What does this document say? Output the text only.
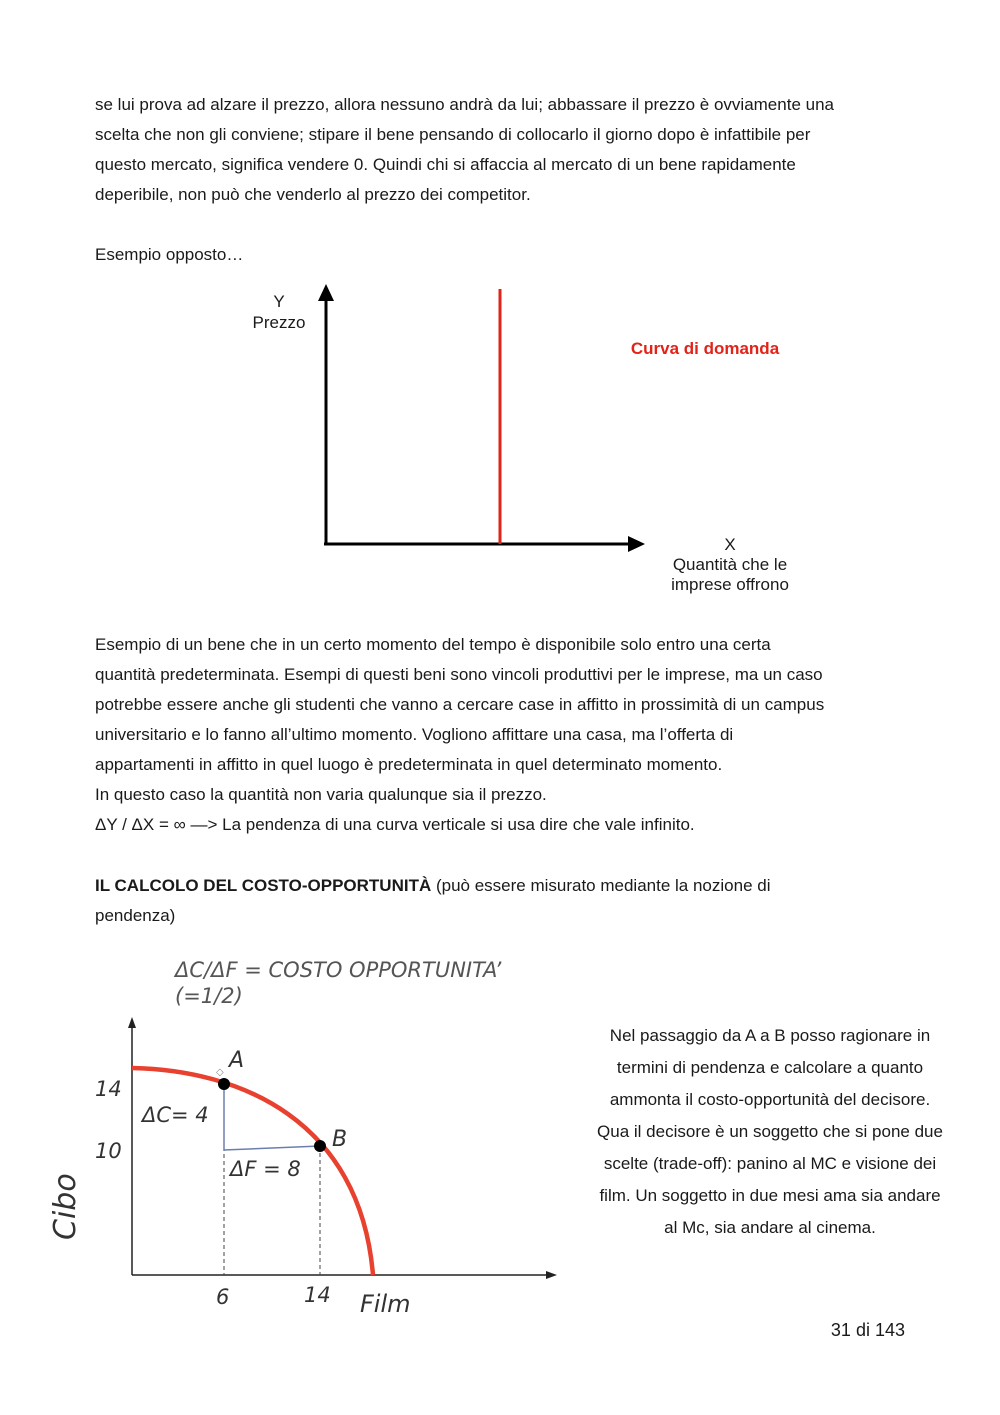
se lui prova ad alzare il prezzo, allora nessuno andrà da lui; abbassare il prezzo è ovviamente una
scelta che non gli conviene; stipare il bene pensando di collocarlo il giorno dopo è infattibile per
questo mercato, significa vendere 0. Quindi chi si affaccia al mercato di un bene rapidamente
deperibile, non può che venderlo al prezzo dei competitor.
Esempio opposto…
Y
Prezzo
Curva di domanda
X
Quantità che le
imprese offrono
Esempio di un bene che in un certo momento del tempo è disponibile solo entro una certa
quantità predeterminata. Esempi di questi beni sono vincoli produttivi per le imprese, ma un caso
potrebbe essere anche gli studenti che vanno a cercare case in affitto in prossimità di un campus
universitario e lo fanno all’ultimo momento. Vogliono affittare una casa, ma l’offerta di
appartamenti in affitto in quel luogo è predeterminata in quel determinato momento.
In questo caso la quantità non varia qualunque sia il prezzo.
ΔY / ΔX = ∞ —> La pendenza di una curva verticale si usa dire che vale infinito.
IL CALCOLO DEL COSTO-OPPORTUNITÀ (può essere misurato mediante la nozione di
pendenza)
ΔC/ΔF = COSTO OPPORTUNITA’
(=1/2)
◇ A
B
ΔC= 4
ΔF = 8
14
10
6	14 Film
Cibo
Nel passaggio da A a B posso ragionare in
termini di pendenza e calcolare a quanto
ammonta il costo-opportunità del decisore.
Qua il decisore è un soggetto che si pone due
scelte (trade-off): panino al MC e visione dei
film. Un soggetto in due mesi ama sia andare
al Mc, sia andare al cinema.
31 di 143
